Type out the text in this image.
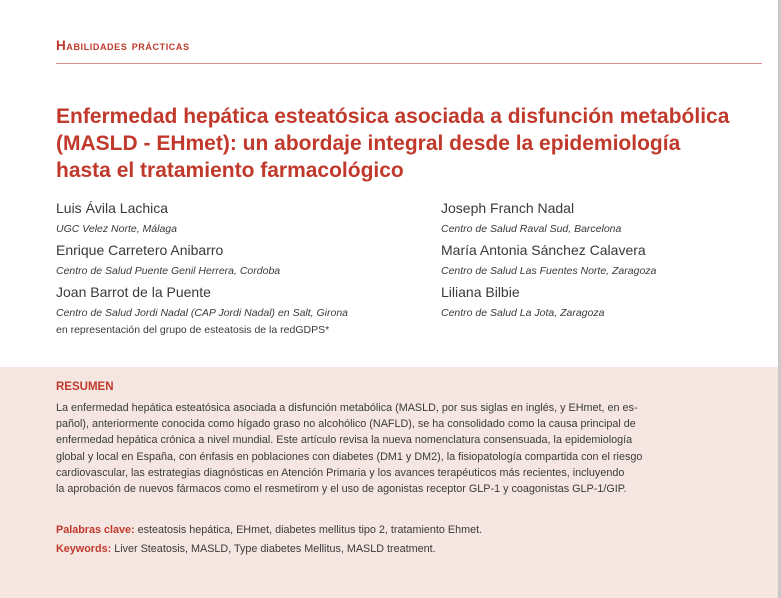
Habilidades prácticas
Enfermedad hepática esteatósica asociada a disfunción metabólica
(MASLD - EHmet): un abordaje integral desde la epidemiología
hasta el tratamiento farmacológico
Luis Ávila Lachica
UGC Velez Norte, Málaga
Enrique Carretero Anibarro
Centro de Salud Puente Genil Herrera, Cordoba
Joan Barrot de la Puente
Centro de Salud Jordi Nadal (CAP Jordi Nadal) en Salt, Girona
en representación del grupo de esteatosis de la redGDPS*
Joseph Franch Nadal
Centro de Salud Raval Sud, Barcelona
María Antonia Sánchez Calavera
Centro de Salud Las Fuentes Norte, Zaragoza
Liliana Bilbie
Centro de Salud La Jota, Zaragoza
RESUMEN
La enfermedad hepática esteatósica asociada a disfunción metabólica (MASLD, por sus siglas en inglés, y EHmet, en es-
pañol), anteriormente conocida como hígado graso no alcohólico (NAFLD), se ha consolidado como la causa principal de
enfermedad hepática crónica a nivel mundial. Este artículo revisa la nueva nomenclatura consensuada, la epidemiología
global y local en España, con énfasis en poblaciones con diabetes (DM1 y DM2), la fisiopatología compartida con el riesgo
cardiovascular, las estrategias diagnósticas en Atención Primaria y los avances terapéuticos más recientes, incluyendo
la aprobación de nuevos fármacos como el resmetirom y el uso de agonistas receptor GLP-1 y coagonistas GLP-1/GIP.
Palabras clave: esteatosis hepática, EHmet, diabetes mellitus tipo 2, tratamiento Ehmet.
Keywords: Liver Steatosis, MASLD, Type diabetes Mellitus, MASLD treatment.
